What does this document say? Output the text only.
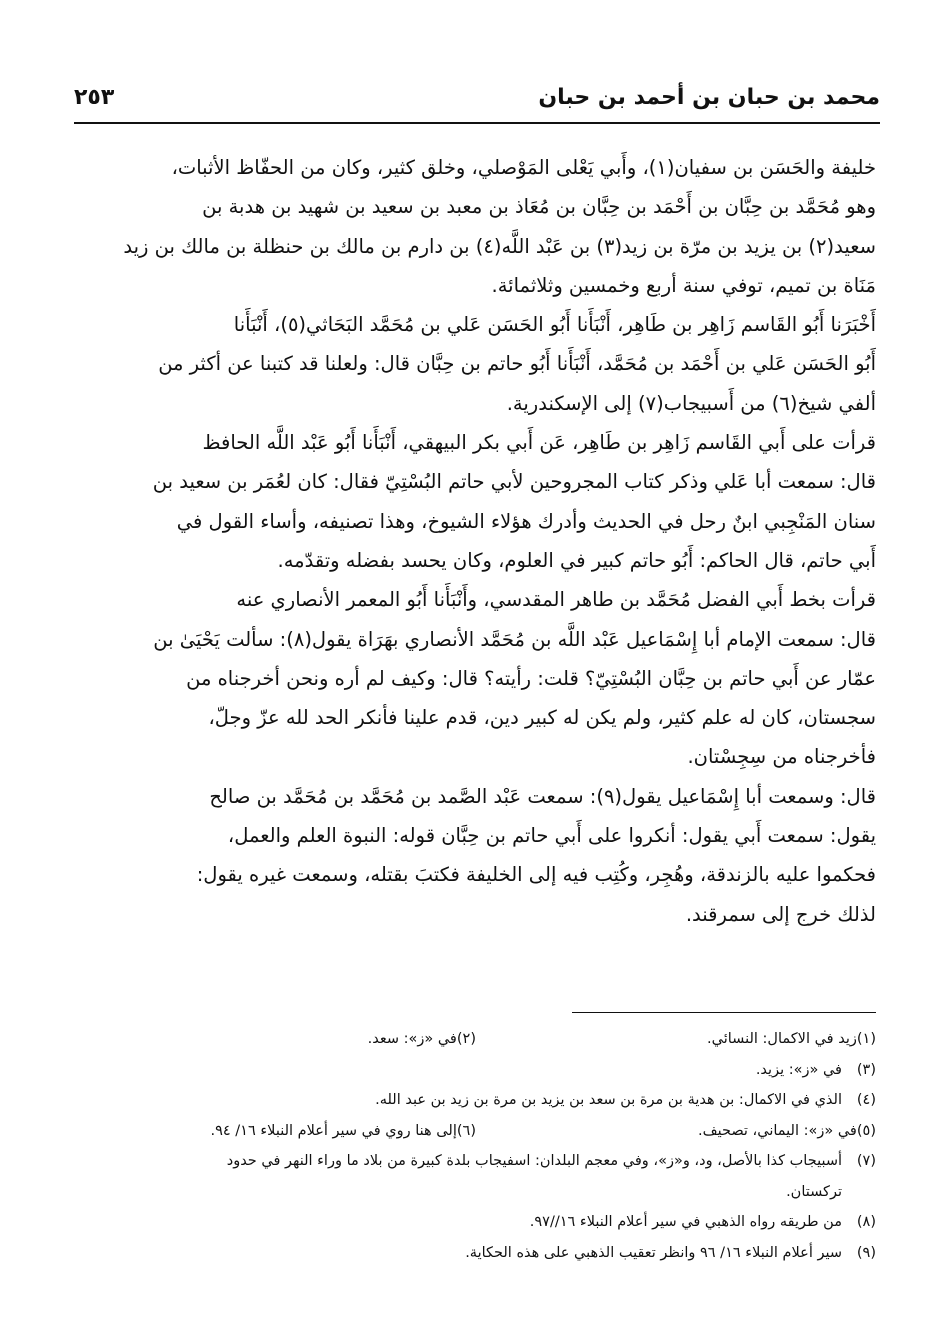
محمد بن حبان بن أحمد بن حبان
٢٥٣
خليفة والحَسَن بن سفيان(١)، وأَبي يَعْلى المَوْصلي، وخلق كثير، وكان من الحفّاظ الأثبات،
وهو مُحَمَّد بن حِبَّان بن أَحْمَد بن حِبَّان بن مُعَاذ بن معبد بن سعيد بن شهيد بن هدبة بن
سعيد(٢) بن يزيد بن مرّة بن زيد(٣) بن عَبْد اللَّه(٤) بن دارم بن مالك بن حنظلة بن مالك بن زيد
مَنَاة بن تميم، توفي سنة أربع وخمسين وثلاثمائة.
أَخْبَرَنا أَبُو القَاسم زَاهِر بن طَاهِر، أَنْبَأَنا أَبُو الحَسَن عَلي بن مُحَمَّد البَحَاثي(٥)، أَنْبَأَنا
أَبُو الحَسَن عَلي بن أَحْمَد بن مُحَمَّد، أَنْبَأَنا أَبُو حاتم بن حِبَّان قال: ولعلنا قد كتبنا عن أكثر من
ألفي شيخ(٦) من أَسبيجاب(٧) إلى الإسكندرية.
قرأت على أَبي القَاسم زَاهِر بن طَاهِر، عَن أَبي بكر البيهقي، أَنْبَأَنا أَبُو عَبْد اللَّه الحافظ
قال: سمعت أبا عَلي وذكر كتاب المجروحين لأبي حاتم البُسْتِيّ فقال: كان لعُمَر بن سعيد بن
سنان المَنْجِبي ابنٌ رحل في الحديث وأدرك هؤلاء الشيوخ، وهذا تصنيفه، وأساء القول في
أَبي حاتم، قال الحاكم: أَبُو حاتم كبير في العلوم، وكان يحسد بفضله وتقدّمه.
قرأت بخط أَبي الفضل مُحَمَّد بن طاهر المقدسي، وأَنْبَأَنا أَبُو المعمر الأنصاري عنه
قال: سمعت الإمام أبا إِسْمَاعيل عَبْد اللَّه بن مُحَمَّد الأنصاري بهَرَاة يقول(٨): سألت يَحْيَىٰ بن
عمّار عن أَبي حاتم بن حِبَّان البُسْتِيّ؟ قلت: رأيته؟ قال: وكيف لم أره ونحن أخرجناه من
سجستان، كان له علم كثير، ولم يكن له كبير دين، قدم علينا فأنكر الحد لله عزّ وجلّ،
فأخرجناه من سِجِسْتان.
قال: وسمعت أبا إِسْمَاعيل يقول(٩): سمعت عَبْد الصَّمد بن مُحَمَّد بن مُحَمَّد بن صالح
يقول: سمعت أَبي يقول: أنكروا على أَبي حاتم بن حِبَّان قوله: النبوة العلم والعمل،
فحكموا عليه بالزندقة، وهُجِر، وكُتِب فيه إلى الخليفة فكتبَ بقتله، وسمعت غيره يقول:
لذلك خرج إلى سمرقند.
(١)زيد في الاكمال: النسائي.
(٢)في «ز»: سعد.
(٣)في «ز»: يزيد.
(٤)الذي في الاكمال: بن هدية بن مرة بن سعد بن يزيد بن مرة بن زيد بن عبد الله.
(٥)في «ز»: اليماني، تصحيف.
(٦)إلى هنا روي في سير أعلام النبلاء ١٦/ ٩٤.
(٧)أسبيجاب كذا بالأصل، ود، و«ز»، وفي معجم البلدان: اسفيجاب بلدة كبيرة من بلاد ما وراء النهر في حدود
تركستان.
(٨)من طريقه رواه الذهبي في سير أعلام النبلاء ١٦//٩٧.
(٩)سير أعلام النبلاء ١٦/ ٩٦ وانظر تعقيب الذهبي على هذه الحكاية.
